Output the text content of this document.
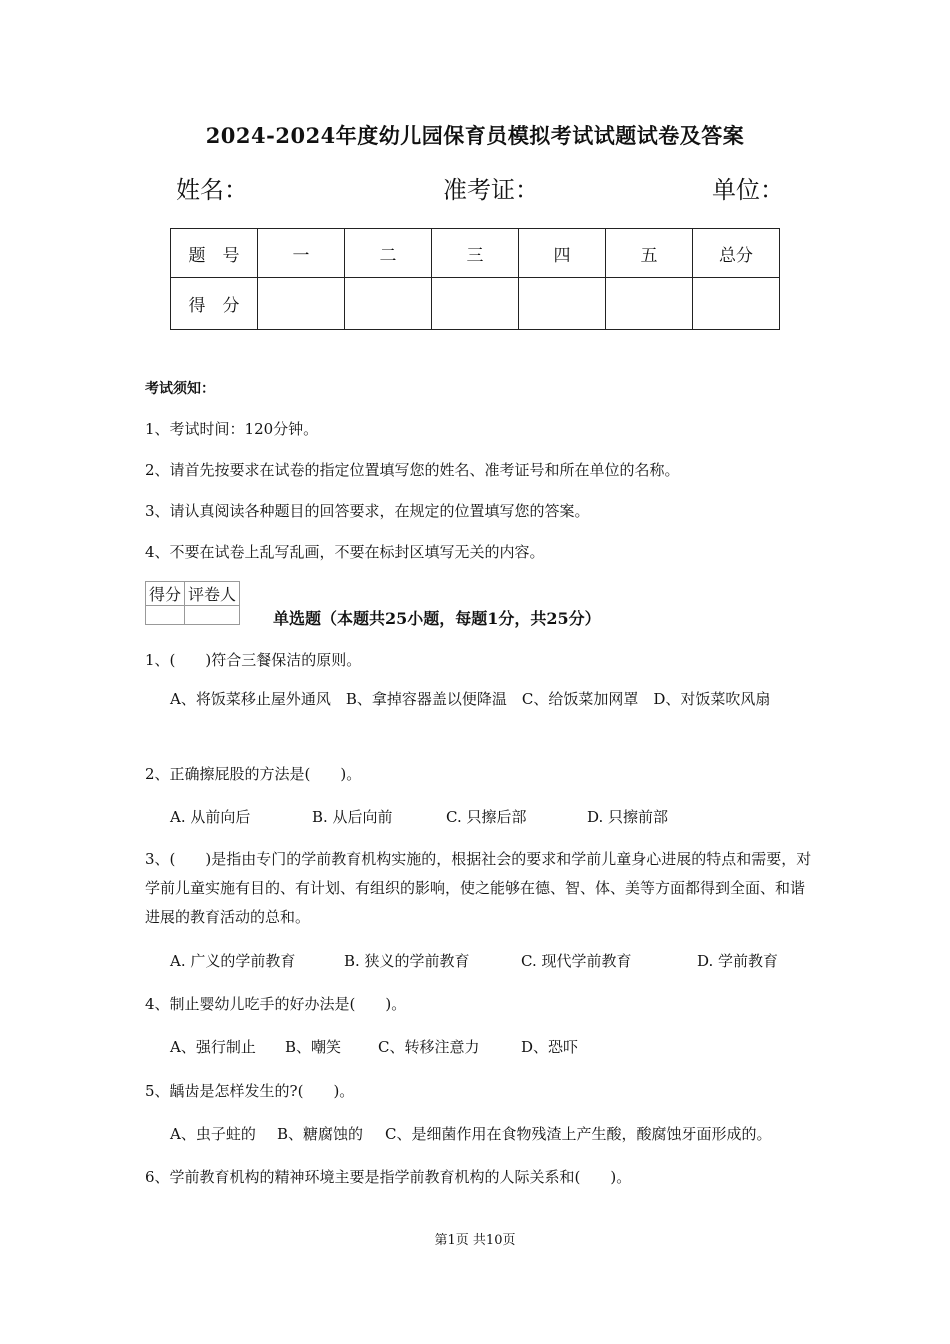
2024-2024年度幼儿园保育员模拟考试试题试卷及答案
姓名：	准考证：	单位：
题　号	一	二	三	四	五	总分
得　分						
考试须知：
1、考试时间：120分钟。
2、请首先按要求在试卷的指定位置填写您的姓名、准考证号和所在单位的名称。
3、请认真阅读各种题目的回答要求，在规定的位置填写您的答案。
4、不要在试卷上乱写乱画，不要在标封区填写无关的内容。
得分	评卷人

单选题（本题共25小题，每题1分，共25分）
1、(　　)符合三餐保洁的原则。
A、将饭菜移止屋外通风　B、拿掉容器盖以便降温　C、给饭菜加网罩　D、对饭菜吹风扇
2、正确擦屁股的方法是(　　)。
A. 从前向后	B. 从后向前	C. 只擦后部	D. 只擦前部
3、(　　)是指由专门的学前教育机构实施的，根据社会的要求和学前儿童身心进展的特点和需要，对学前儿童实施有目的、有计划、有组织的影响，使之能够在德、智、体、美等方面都得到全面、和谐进展的教育活动的总和。
A. 广义的学前教育	B. 狭义的学前教育	C. 现代学前教育	D. 学前教育
4、制止婴幼儿吃手的好办法是(　　)。
A、强行制止 B、嘲笑 C、转移注意力	D、恐吓
5、龋齿是怎样发生的?(　　)。
A、虫子蛀的 B、糖腐蚀的 C、是细菌作用在食物残渣上产生酸，酸腐蚀牙面形成的。
6、学前教育机构的精神环境主要是指学前教育机构的人际关系和(　　)。
第1页 共10页
